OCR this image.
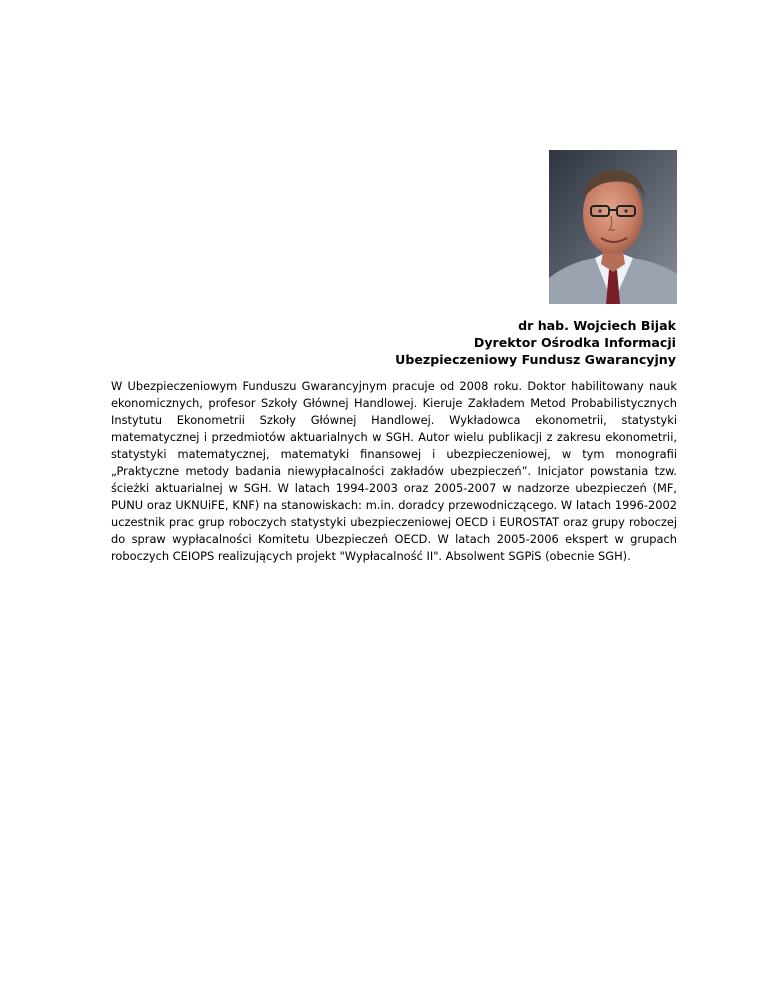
dr hab. Wojciech Bijak
Dyrektor Ośrodka Informacji
Ubezpieczeniowy Fundusz Gwarancyjny

W Ubezpieczeniowym Funduszu Gwarancyjnym pracuje od 2008 roku. Doktor habilitowany nauk ekonomicznych, profesor Szkoły Głównej Handlowej. Kieruje Zakładem Metod Probabilistycznych Instytutu Ekonometrii Szkoły Głównej Handlowej. Wykładowca ekonometrii, statystyki matematycznej i przedmiotów aktuarialnych w SGH. Autor wielu publikacji z zakresu ekonometrii, statystyki matematycznej, matematyki finansowej i ubezpieczeniowej, w tym monografii „Praktyczne metody badania niewypłacalności zakładów ubezpieczeń”. Inicjator powstania tzw. ścieżki aktuarialnej w SGH. W latach 1994-2003 oraz 2005-2007 w nadzorze ubezpieczeń (MF, PUNU oraz UKNUiFE, KNF) na stanowiskach: m.in. doradcy przewodniczącego. W latach 1996-2002 uczestnik prac grup roboczych statystyki ubezpieczeniowej OECD i EUROSTAT oraz grupy roboczej do spraw wypłacalności Komitetu Ubezpieczeń OECD. W latach 2005-2006 ekspert w grupach roboczych CEIOPS realizujących projekt "Wypłacalność II". Absolwent SGPiS (obecnie SGH).
